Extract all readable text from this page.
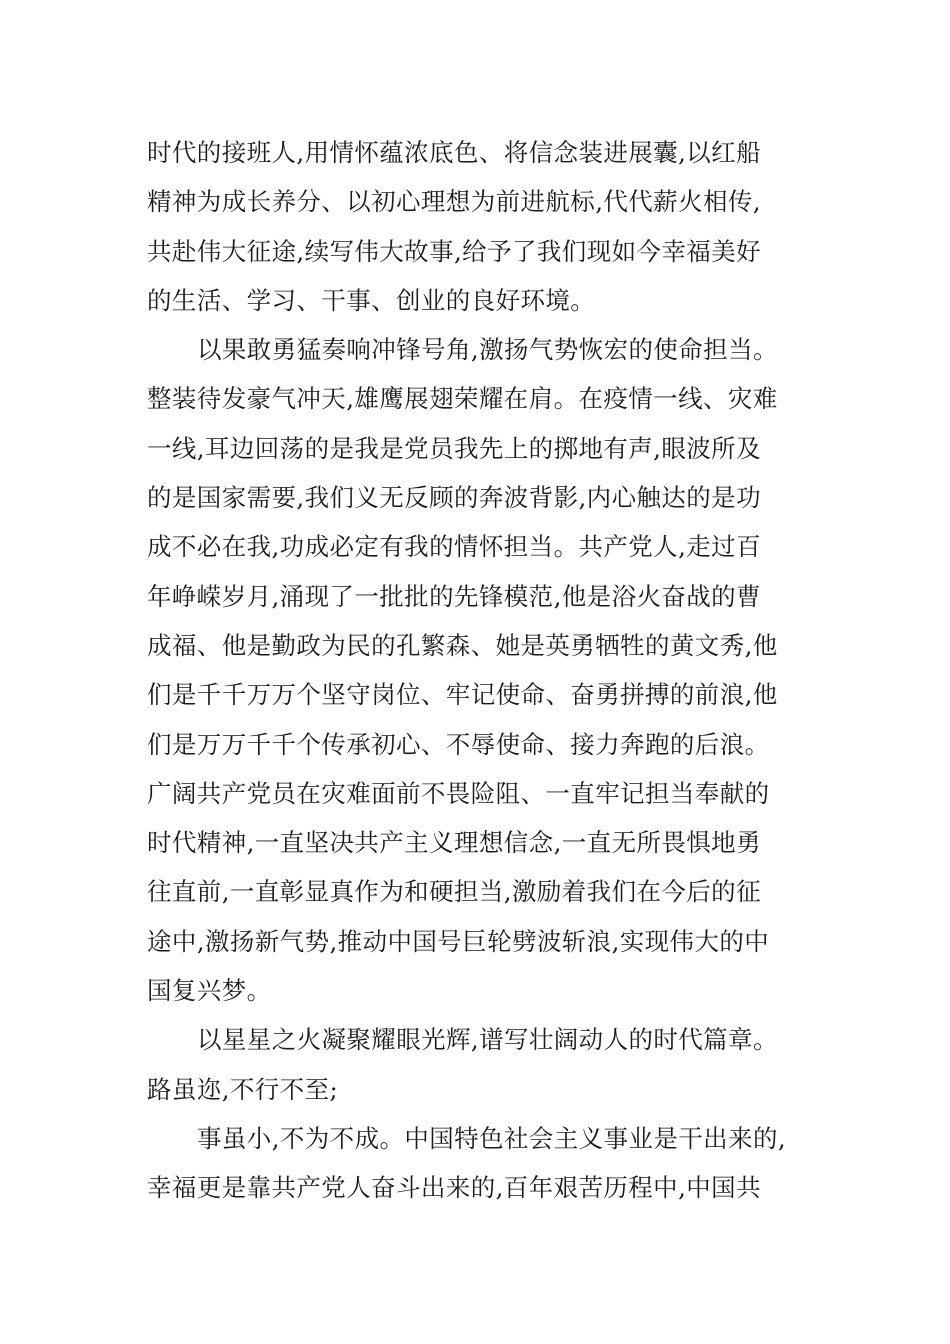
时代的接班人,用情怀蕴浓底色、将信念装进展囊,以红船
精神为成长养分、以初心理想为前进航标,代代薪火相传,
共赴伟大征途,续写伟大故事,给予了我们现如今幸福美好
的生活、学习、干事、创业的良好环境。
以果敢勇猛奏响冲锋号角,激扬气势恢宏的使命担当。
整装待发豪气冲天,雄鹰展翅荣耀在肩。在疫情一线、灾难
一线,耳边回荡的是我是党员我先上的掷地有声,眼波所及
的是国家需要,我们义无反顾的奔波背影,内心触达的是功
成不必在我,功成必定有我的情怀担当。共产党人,走过百
年峥嵘岁月,涌现了一批批的先锋模范,他是浴火奋战的曹
成福、他是勤政为民的孔繁森、她是英勇牺牲的黄文秀,他
们是千千万万个坚守岗位、牢记使命、奋勇拼搏的前浪,他
们是万万千千个传承初心、不辱使命、接力奔跑的后浪。
广阔共产党员在灾难面前不畏险阻、一直牢记担当奉献的
时代精神,一直坚决共产主义理想信念,一直无所畏惧地勇
往直前,一直彰显真作为和硬担当,激励着我们在今后的征
途中,激扬新气势,推动中国号巨轮劈波斩浪,实现伟大的中
国复兴梦。
以星星之火凝聚耀眼光辉,谱写壮阔动人的时代篇章。
路虽迩,不行不至;
事虽小,不为不成。中国特色社会主义事业是干出来的,
幸福更是靠共产党人奋斗出来的,百年艰苦历程中,中国共
